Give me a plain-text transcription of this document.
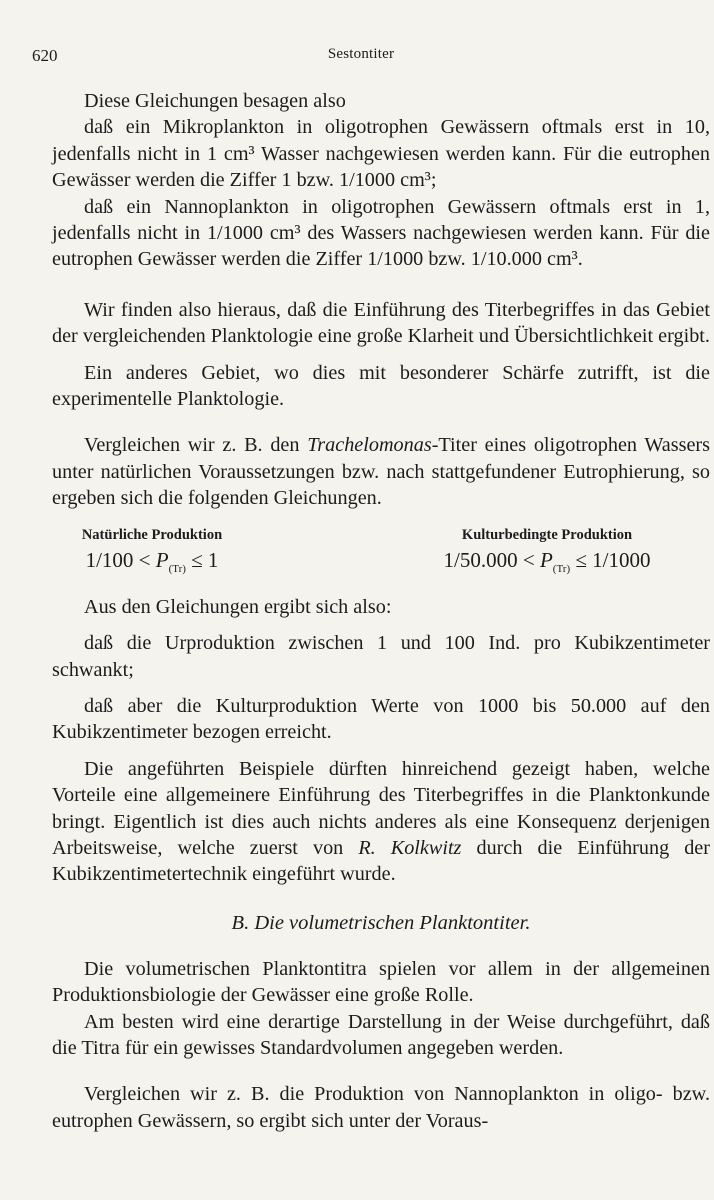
620	Sestontiter

Diese Gleichungen besagen also

daß ein Mikroplankton in oligotrophen Gewässern oftmals erst in 10, jedenfalls nicht in 1 cm³ Wasser nachgewiesen werden kann. Für die eutrophen Gewässer werden die Ziffer 1 bzw. 1/1000 cm³;

daß ein Nannoplankton in oligotrophen Gewässern oftmals erst in 1, jedenfalls nicht in 1/1000 cm³ des Wassers nachgewiesen werden kann. Für die eutrophen Gewässer werden die Ziffer 1/1000 bzw. 1/10.000 cm³.

Wir finden also hieraus, daß die Einführung des Titerbegriffes in das Gebiet der vergleichenden Planktologie eine große Klarheit und Übersichtlichkeit ergibt.

Ein anderes Gebiet, wo dies mit besonderer Schärfe zutrifft, ist die experimentelle Planktologie.

Vergleichen wir z. B. den Trachelomonas-Titer eines oligotrophen Wassers unter natürlichen Voraussetzungen bzw. nach stattgefundener Eutrophierung, so ergeben sich die folgenden Gleichungen.

Natürliche Produktion
$1/100 < P_{(Tr)} \le 1$
Kulturbedingte Produktion
$1/50.000 < P_{(Tr)} \le 1/1000$

Aus den Gleichungen ergibt sich also:

daß die Urproduktion zwischen 1 und 100 Ind. pro Kubikzentimeter schwankt;

daß aber die Kulturproduktion Werte von 1000 bis 50.000 auf den Kubikzentimeter bezogen erreicht.

Die angeführten Beispiele dürften hinreichend gezeigt haben, welche Vorteile eine allgemeinere Einführung des Titerbegriffes in die Planktonkunde bringt. Eigentlich ist dies auch nichts anderes als eine Konsequenz derjenigen Arbeitsweise, welche zuerst von R. Kolkwitz durch die Einführung der Kubikzentimetertechnik eingeführt wurde.

B. Die volumetrischen Planktontiter.

Die volumetrischen Planktontitra spielen vor allem in der allgemeinen Produktionsbiologie der Gewässer eine große Rolle.

Am besten wird eine derartige Darstellung in der Weise durchgeführt, daß die Titra für ein gewisses Standardvolumen angegeben werden.

Vergleichen wir z. B. die Produktion von Nannoplankton in oligo- bzw. eutrophen Gewässern, so ergibt sich unter der Voraus-
